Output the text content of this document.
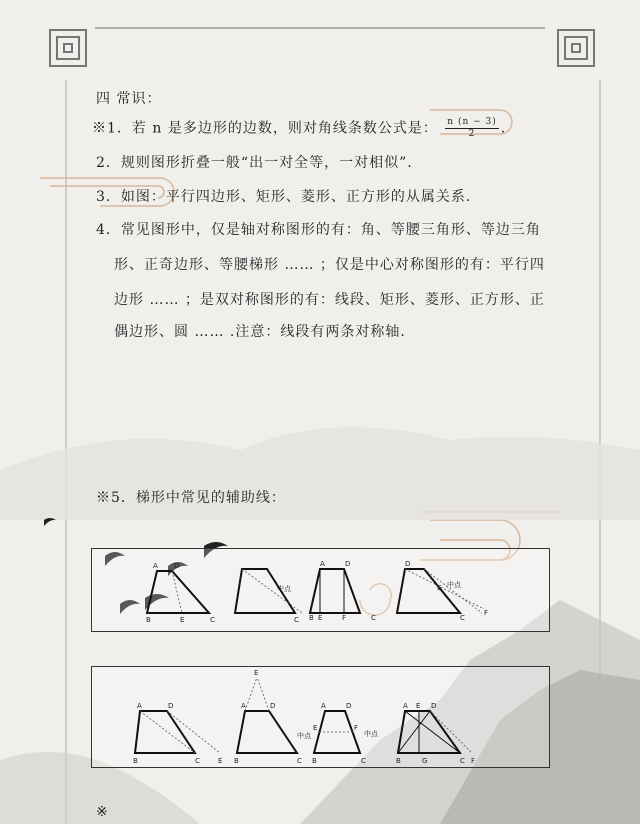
四 常识：
※1．若 n 是多边形的边数，则对角线条数公式是： $\frac{n (n - 3)}{2}$ .
2．规则图形折叠一般“出一对全等，一对相似”.
3．如图：平行四边形、矩形、菱形、正方形的从属关系.
4．常见图形中，仅是轴对称图形的有：角、等腰三角形、等边三角
形、正奇边形、等腰梯形 …… ；仅是中心对称图形的有：平行四
边形 …… ；是双对称图形的有：线段、矩形、菱形、正方形、正
偶边形、圆 …… .注意：线段有两条对称轴.
※5．梯形中常见的辅助线：
A D
B	E	C
中点
C
A	D
B E	F	C
D
E 中点
C
F
A	D
B	C	E
E
A	D
B	C
A	D
E	F
中点	中点
B	C
A E D
B	G	C F
※
